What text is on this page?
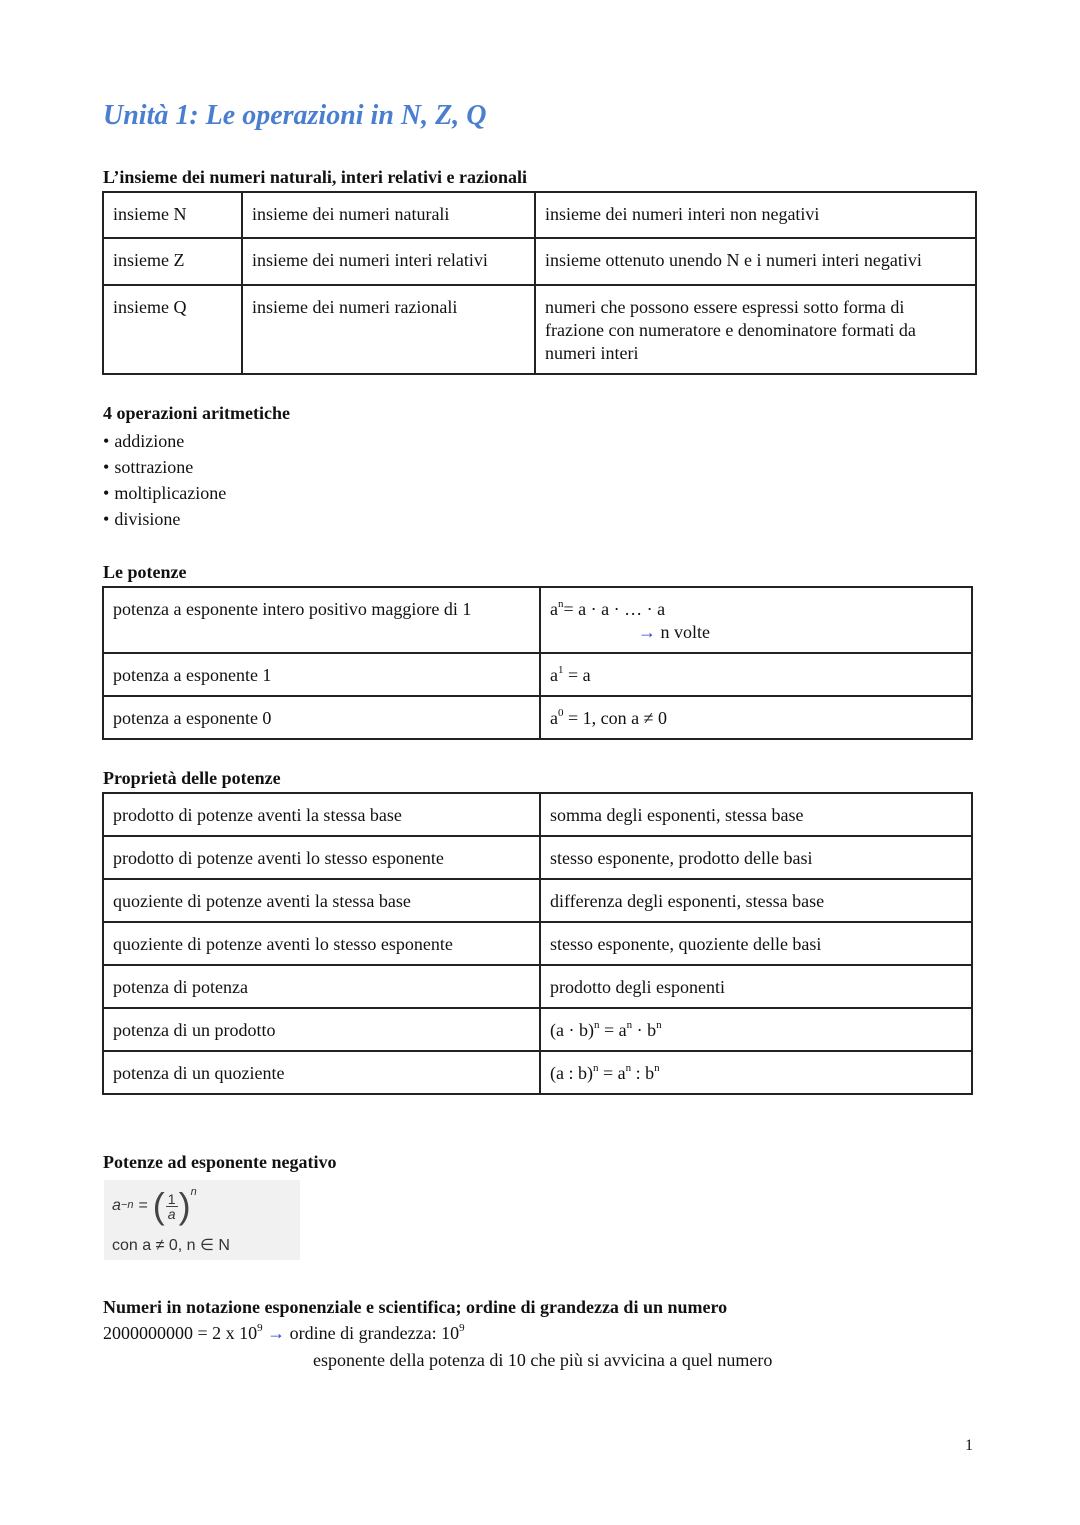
Unità 1: Le operazioni in N, Z, Q

L’insieme dei numeri naturali, interi relativi e razionali

insieme N	insieme dei numeri naturali	insieme dei numeri interi non negativi
insieme Z	insieme dei numeri interi relativi	insieme ottenuto unendo N e i numeri interi negativi
insieme Q	insieme dei numeri razionali	numeri che possono essere espressi sotto forma di frazione con numeratore e denominatore formati da numeri interi

4 operazioni aritmetiche

• addizione
• sottrazione
• moltiplicazione
• divisione

Le potenze

potenza a esponente intero positivo maggiore di 1	$a^n= a \cdot a$ · … · a
→ n volte
potenza a esponente 1	$a^1 = a$
potenza a esponente 0	$a^0 = 1$, con a ≠ 0

Proprietà delle potenze

prodotto di potenze aventi la stessa base	somma degli esponenti, stessa base
prodotto di potenze aventi lo stesso esponente	stesso esponente, prodotto delle basi
quoziente di potenze aventi la stessa base	differenza degli esponenti, stessa base
quoziente di potenze aventi lo stesso esponente	stesso esponente, quoziente delle basi
potenza di potenza	prodotto degli esponenti
potenza di un prodotto	$(a \cdot b)^n = a^n \cdot b^n$
potenza di un quoziente	(a : $b)^n = a^n$ : $b^n$

Potenze ad esponente negativo

$a^{-n}$ = ( $\frac{1}{a} )^n$
con a ≠ 0, n ∈ N

Numeri in notazione esponenziale e scientifica; ordine di grandezza di un numero

2000000000 = 2 x $10^9$ → ordine di grandezza: $10^9$
esponente della potenza di 10 che più si avvicina a quel numero
1
